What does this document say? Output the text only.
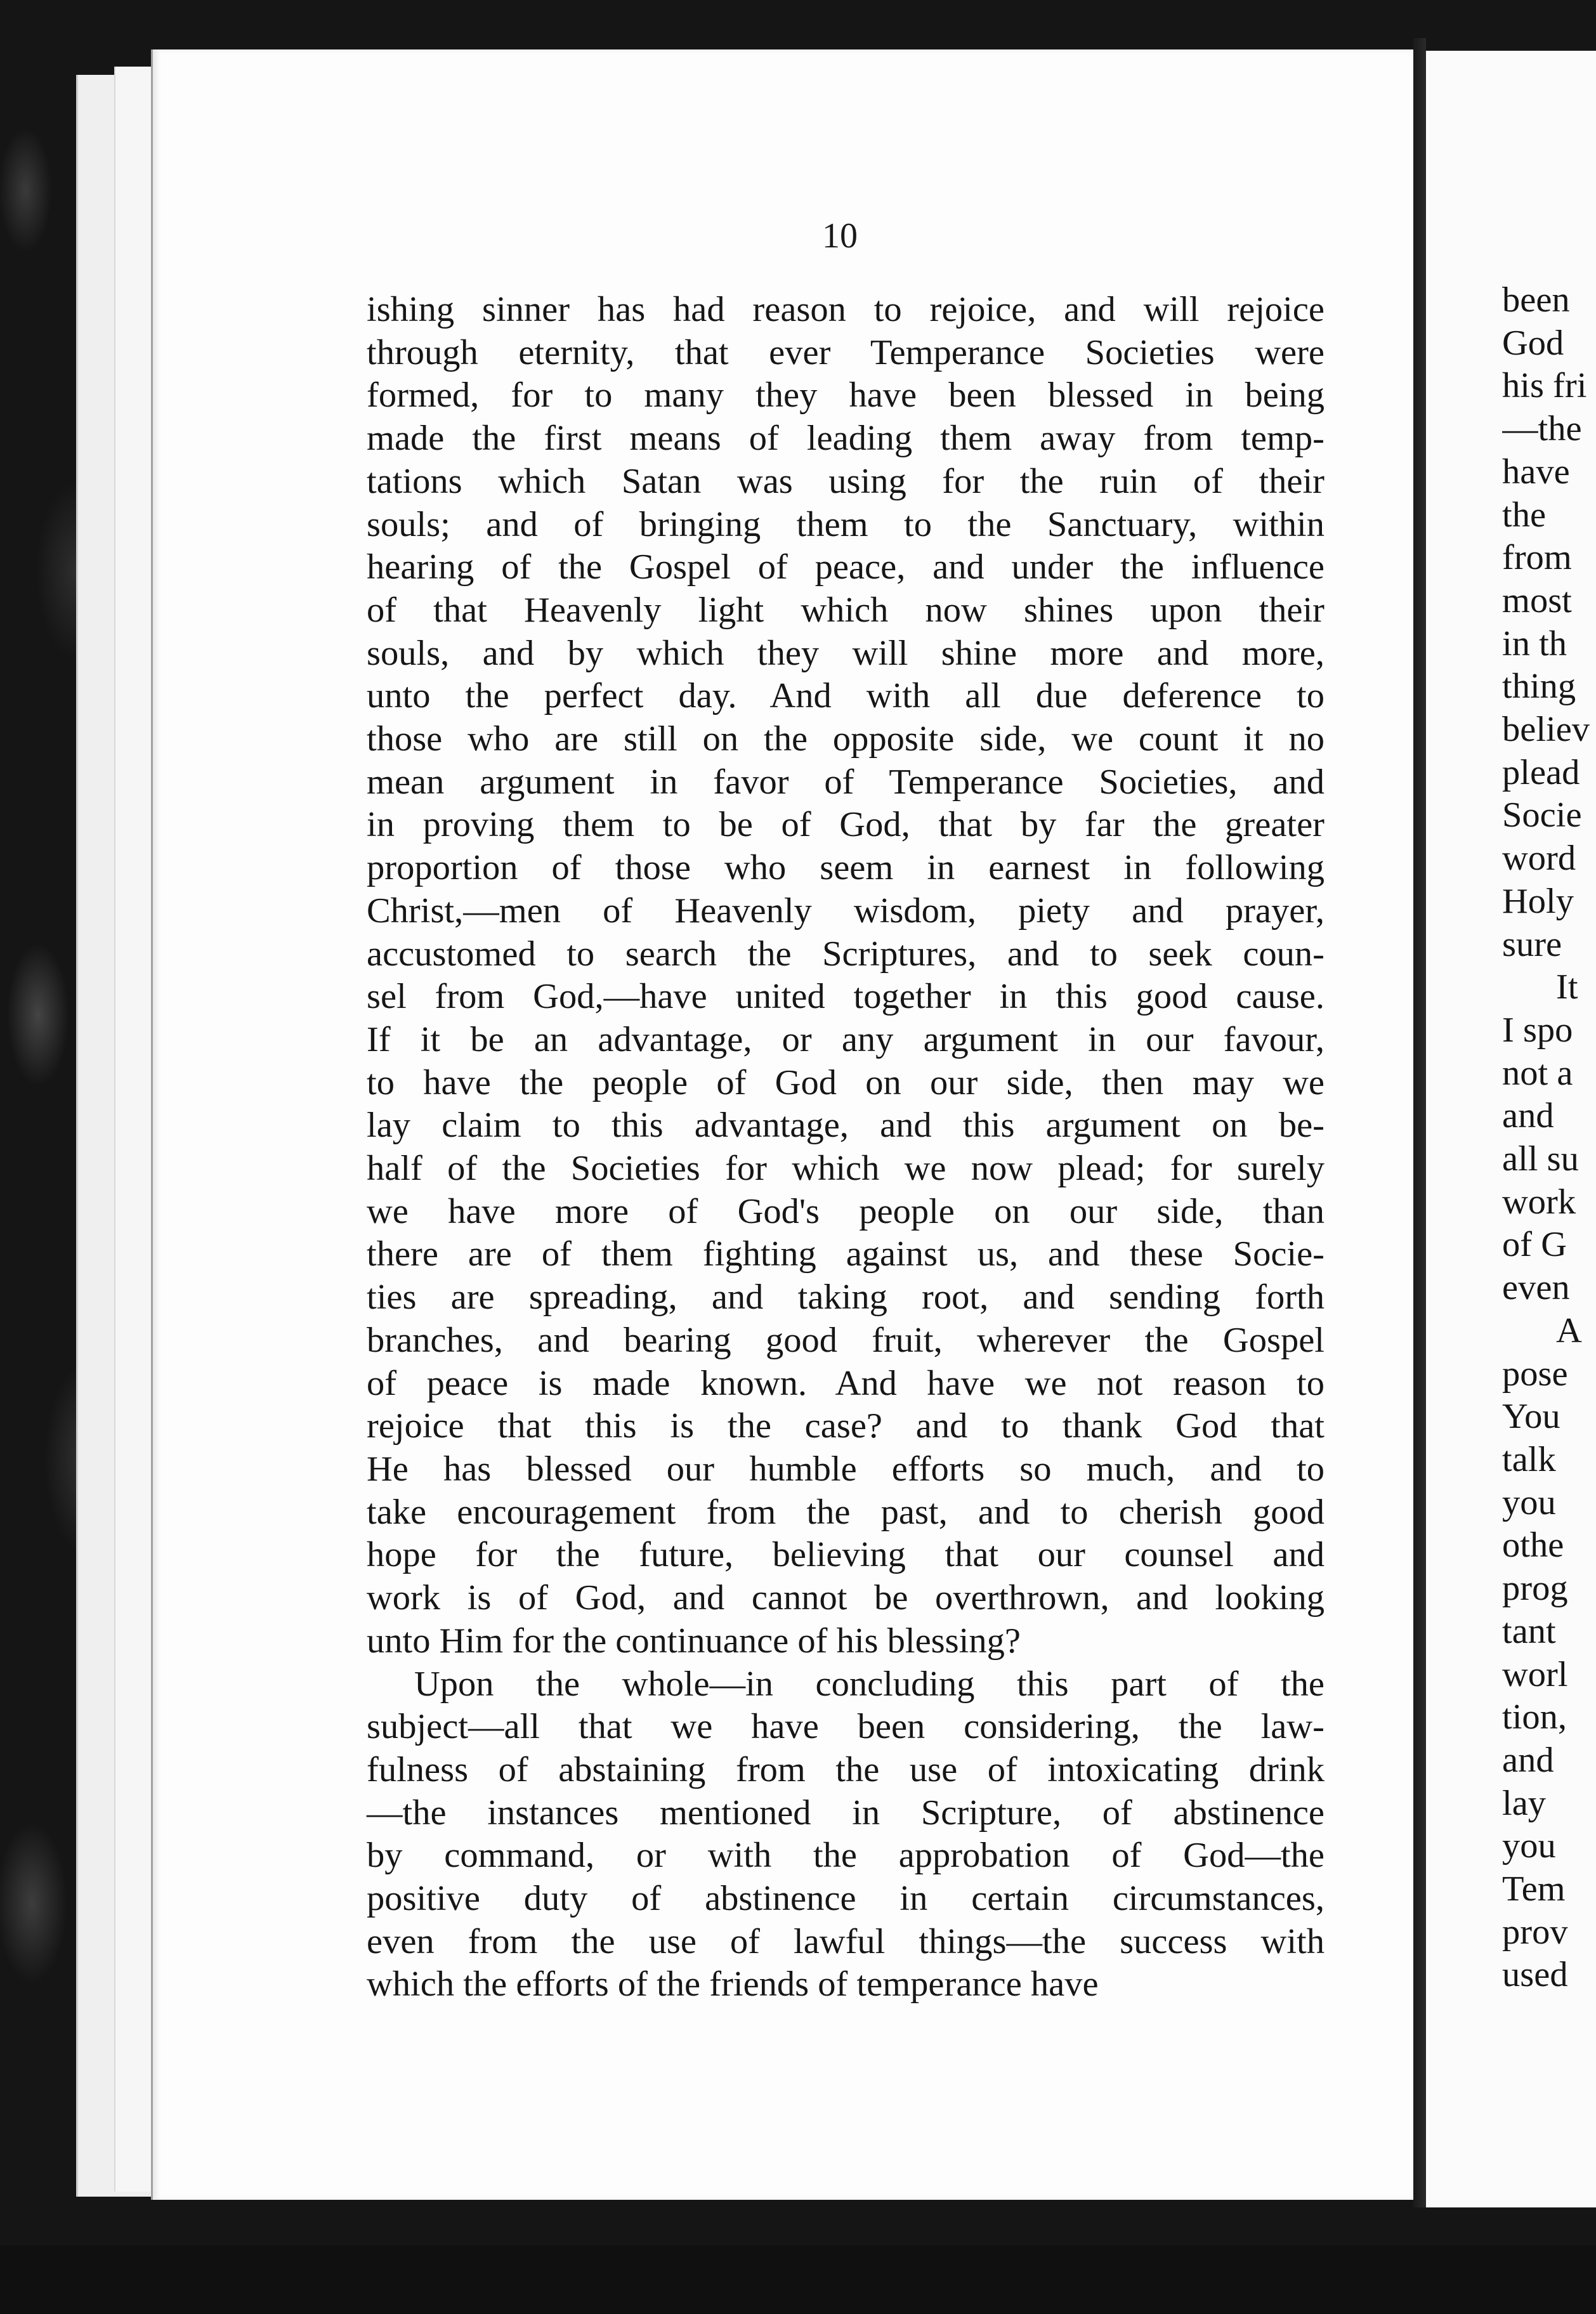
10
ishing sinner has had reason to rejoice, and will rejoice
through eternity, that ever Temperance Societies were
formed, for to many they have been blessed in being
made the first means of leading them away from temp-
tations which Satan was using for the ruin of their
souls; and of bringing them to the Sanctuary, within
hearing of the Gospel of peace, and under the influence
of that Heavenly light which now shines upon their
souls, and by which they will shine more and more,
unto the perfect day. And with all due deference to
those who are still on the opposite side, we count it no
mean argument in favor of Temperance Societies, and
in proving them to be of God, that by far the greater
proportion of those who seem in earnest in following
Christ,—men of Heavenly wisdom, piety and prayer,
accustomed to search the Scriptures, and to seek coun-
sel from God,—have united together in this good cause.
If it be an advantage, or any argument in our favour,
to have the people of God on our side, then may we
lay claim to this advantage, and this argument on be-
half of the Societies for which we now plead; for surely
we have more of God's people on our side, than
there are of them fighting against us, and these Socie-
ties are spreading, and taking root, and sending forth
branches, and bearing good fruit, wherever the Gospel
of peace is made known. And have we not reason to
rejoice that this is the case? and to thank God that
He has blessed our humble efforts so much, and to
take encouragement from the past, and to cherish good
hope for the future, believing that our counsel and
work is of God, and cannot be overthrown, and looking
unto Him for the continuance of his blessing?
Upon the whole—in concluding this part of the
subject—all that we have been considering, the law-
fulness of abstaining from the use of intoxicating drink
—the instances mentioned in Scripture, of abstinence
by command, or with the approbation of God—the
positive duty of abstinence in certain circumstances,
even from the use of lawful things—the success with
which the efforts of the friends of temperance have
been
God
his fri
—the
have
the
from
most
in th
thing
believ
plead
Socie
word
Holy
sure
It
I spo
not a
and
all su
work
of G
even
A
pose
You
talk
you
othe
prog
tant
worl
tion,
and
lay
you
Tem
prov
used
